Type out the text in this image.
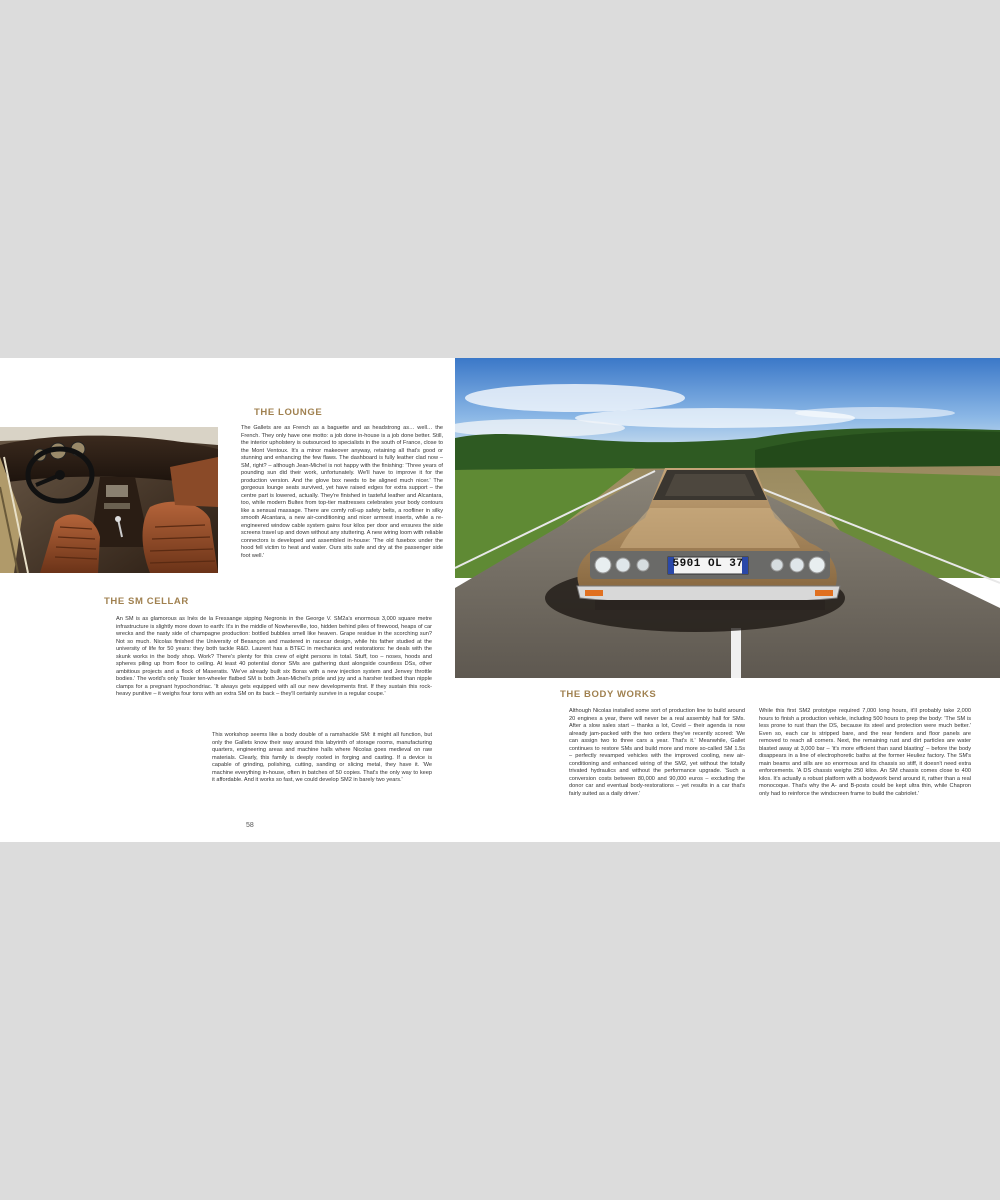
THE LOUNGE

The Gallets are as French as a baguette and as headstrong as… well… the French. They only have one motto: a job done in-house is a job done better. Still, the interior upholstery is outsourced to specialists in the south of France, close to the Mont Ventoux. It's a minor makeover anyway, retaining all that's good or stunning and enhancing the few flaws. The dashboard is fully leather clad now – SM, right? – although Jean-Michel is not happy with the finishing: 'Three years of pounding sun did their work, unfortunately. We'll have to improve it for the production version. And the glove box needs to be aligned much nicer.' The gorgeous lounge seats survived, yet have raised edges for extra support – the centre part is lowered, actually. They're finished in tasteful leather and Alcantara, too, while modern Bultex from top-tier mattresses celebrates your body contours like a sensual massage. There are comfy roll-up safety belts, a roofliner in silky smooth Alcantara, a new air-conditioning and nicer armrest inserts, while a re-engineered window cable system gains four kilos per door and ensures the side screens travel up and down without any stuttering. A new wiring loom with reliable connectors is developed and assembled in-house: 'The old fusebox under the hood fell victim to heat and water. Ours sits safe and dry at the passenger side foot well.'

THE SM CELLAR

An SM is as glamorous as Inès de la Fressange sipping Negronis in the George V. SM2a's enormous 3,000 square metre infrastructure is slightly more down to earth: It's in the middle of Nowhereville, too, hidden behind piles of firewood, heaps of car wrecks and the nasty side of champagne production: bottled bubbles smell like heaven. Grape residue in the scorching sun? Not so much. Nicolas finished the University of Besançon and mastered in racecar design, while his father studied at the university of life for 50 years: they both tackle R&D. Laurent has a BTEC in mechanics and restorations: he deals with the skunk works in the body shop. Work? There's plenty for this crew of eight persons in total. Stuff, too – noses, hoods and spheres piling up from floor to ceiling. At least 40 potential donor SMs are gathering dust alongside countless DSs, other ambitious projects and a flock of Maseratis. 'We've already built six Boras with a new injection system and Jenvey throttle bodies.' The world's only Tissier ten-wheeler flatbed SM is both Jean-Michel's pride and joy and a harsher testbed than nipple clamps for a pregnant hypochondriac. 'It always gets equipped with all our new developments first. If they sustain this rock-heavy punitive – it weighs four tons with an extra SM on its back – they'll certainly survive in a regular coupe.'

This workshop seems like a body double of a ramshackle SM: it might all function, but only the Gallets know their way around this labyrinth of storage rooms, manufacturing quarters, engineering areas and machine halls where Nicolas goes medieval on raw materials. Clearly, this family is deeply rooted in forging and casting. If a device is capable of grinding, polishing, cutting, sanding or slicing metal, they have it. 'We machine everything in-house, often in batches of 50 copies. That's the only way to keep it affordable. And it works so fast, we could develop SM2 in barely two years.'

58
5901 OL 37
THE BODY WORKS

Although Nicolas installed some sort of production line to build around 20 engines a year, there will never be a real assembly hall for SMs. After a slow sales start – thanks a lot, Covid – their agenda is now already jam-packed with the two orders they've recently scored: 'We can assign two to three cars a year. That's it.' Meanwhile, Gallet continues to restore SMs and build more and more so-called SM 1.5s – perfectly revamped vehicles with the improved cooling, new air-conditioning and enhanced wiring of the SM2, yet without the totally trivated hydraulics and without the performance upgrade. 'Such a conversion costs between 80,000 and 90,000 euros – excluding the donor car and eventual body-restorations – yet results in a car that's fairly suited as a daily driver.'

While this first SM2 prototype required 7,000 long hours, it'll probably take 2,000 hours to finish a production vehicle, including 500 hours to prep the body: 'The SM is less prone to rust than the DS, because its steel and protection were much better.' Even so, each car is stripped bare, and the rear fenders and floor panels are removed to reach all corners. Next, the remaining rust and dirt particles are water blasted away at 3,000 bar – 'it's more efficient than sand blasting' – before the body disappears in a line of electrophoretic baths at the former Heuliez factory. The SM's main beams and sills are so enormous and its chassis so stiff, it doesn't need extra enforcements. 'A DS chassis weighs 250 kilos. An SM chassis comes close to 400 kilos. It's actually a robust platform with a bodywork bend around it, rather than a real monocoque. That's why the A- and B-posts could be kept ultra thin, while Chapron only had to reinforce the windscreen frame to build the cabriolet.'
